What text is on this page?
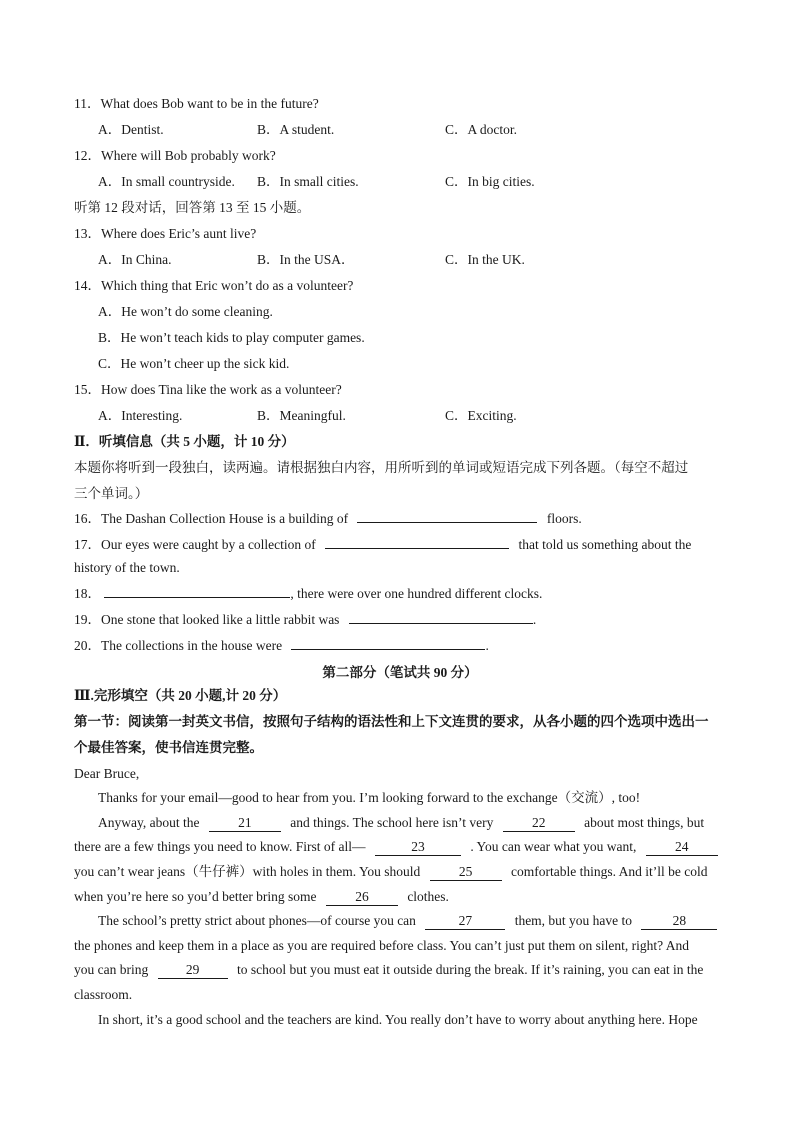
11．What does Bob want to be in the future?
A．Dentist.	B．A student.	C．A doctor.
12．Where will Bob probably work?
A．In small countryside. B．In small cities.	C．In big cities.
听第 12 段对话，回答第 13 至 15 小题。
13．Where does Eric’s aunt live?
A．In China.	B．In the USA．	C．In the UK.
14．Which thing that Eric won’t do as a volunteer?
A．He won’t do some cleaning.
B．He won’t teach kids to play computer games.
C．He won’t cheer up the sick kid.
15．How does Tina like the work as a volunteer?
A．Interesting.	B．Meaningful.	C．Exciting.
Ⅱ．听填信息（共 5 小题，计 10 分）
本题你将听到一段独白，读两遍。请根据独白内容，用所听到的单词或短语完成下列各题。（每空不超过
三个单词。）
16．The Dashan Collection House is a building of	floors.
17．Our eyes were caught by a collection of	that told us something about the
history of the town.
18．	, there were over one hundred different clocks.
19．One stone that looked like a little rabbit was	.
20．The collections in the house were	.
第二部分（笔试共 90 分）
Ⅲ.完形填空（共 20 小题,计 20 分）
第一节：阅读第一封英文书信，按照句子结构的语法性和上下文连贯的要求，从各小题的四个选项中选出一
个最佳答案，使书信连贯完整。
Dear Bruce,
Thanks for your email—good to hear from you. I’m looking forward to the exchange（交流）, too!
Anyway, about the	21	and things. The school here isn’t very	22	about most things, but
there are a few things you need to know. First of all—	23	. You can wear what you want,	24
you can’t wear jeans（牛仔裤）with holes in them. You should	25	comfortable things. And it’ll be cold
when you’re here so you’d better bring some	26	clothes.
The school’s pretty strict about phones—of course you can	27	them, but you have to	28
the phones and keep them in a place as you are required before class. You can’t just put them on silent, right? And
you can bring	29	to school but you must eat it outside during the break. If it’s raining, you can eat in the
classroom.
In short, it’s a good school and the teachers are kind. You really don’t have to worry about anything here. Hope
